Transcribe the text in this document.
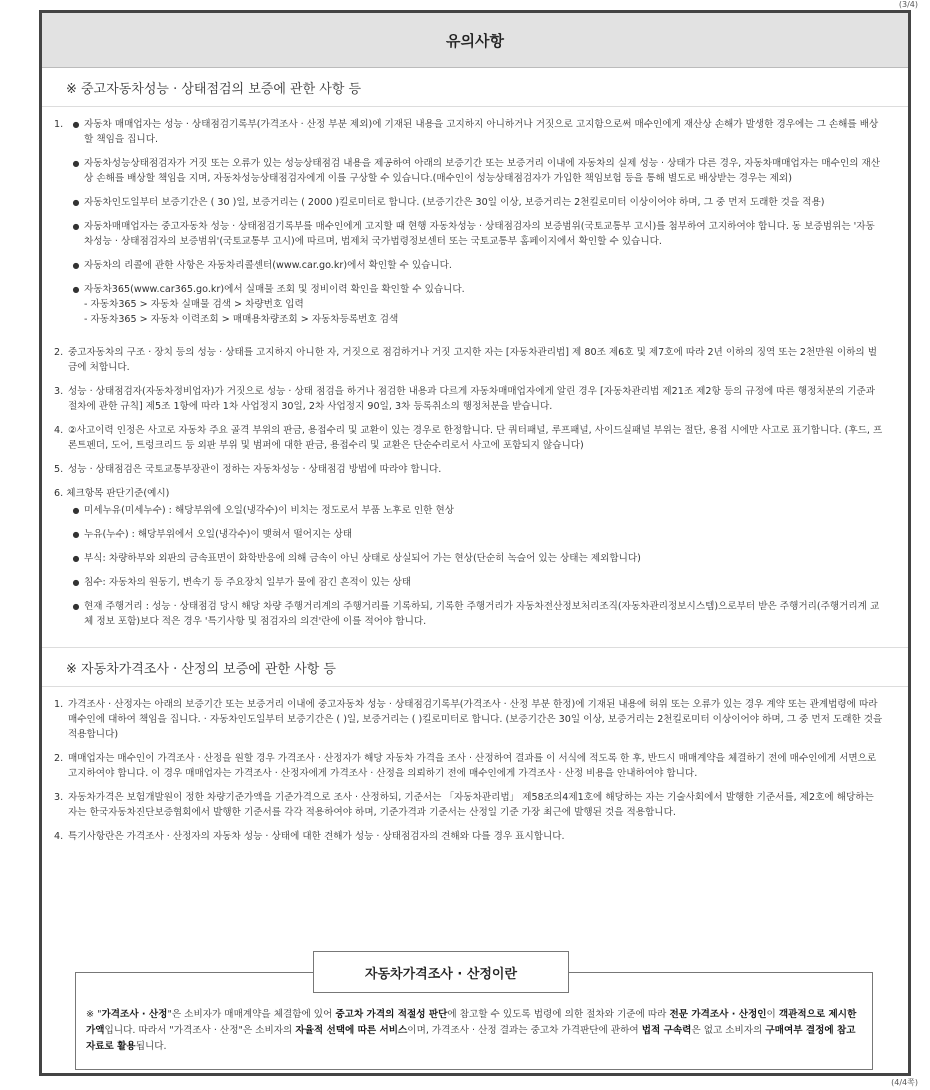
(3/4)
유의사항
※ 중고자동차성능 · 상태점검의 보증에 관한 사항 등
1.	● 자동차 매매업자는 성능 · 상태점검기록부(가격조사 · 산정 부분 제외)에 기재된 내용을 고지하지 아니하거나 거짓으로 고지함으로써 매수인에게 재산상 손해가 발생한 경우에는 그 손해를 배상할 책임을 집니다.
● 자동차성능상태점검자가 거짓 또는 오류가 있는 성능상태점검 내용을 제공하여 아래의 보증기간 또는 보증거리 이내에 자동차의 실제 성능 · 상태가 다른 경우, 자동차매매업자는 매수인의 재산상 손해를 배상할 책임을 지며, 자동차성능상태점검자에게 이를 구상할 수 있습니다.(매수인이 성능상태점검자가 가입한 책임보험 등을 통해 별도로 배상받는 경우는 제외)
● 자동차인도일부터 보증기간은 ( 30 )일, 보증거리는 ( 2000 )킬로미터로 합니다. (보증기간은 30일 이상, 보증거리는 2천킬로미터 이상이어야 하며, 그 중 먼저 도래한 것을 적용)
● 자동차매매업자는 중고자동차 성능 · 상태점검기록부를 매수인에게 고지할 때 현행 자동차성능 · 상태점검자의 보증범위(국토교통부 고시)를 첨부하여 고지하여야 합니다. 동 보증범위는 '자동차성능 · 상태점검자의 보증범위'(국토교통부 고시)에 따르며, 법제처 국가법령정보센터 또는 국토교통부 홈페이지에서 확인할 수 있습니다.
● 자동차의 리콜에 관한 사항은 자동차리콜센터(www.car.go.kr)에서 확인할 수 있습니다.
● 자동차365(www.car365.go.kr)에서 실매물 조회 및 정비이력 확인을 확인할 수 있습니다.
- 자동차365 > 자동차 실매물 검색 > 차량번호 입력
- 자동차365 > 자동차 이력조회 > 매매용차량조회 > 자동차등록번호 검색
2. 중고자동차의 구조 · 장치 등의 성능 · 상태를 고지하지 아니한 자, 거짓으로 점검하거나 거짓 고지한 자는 [자동차관리법] 제 80조 제6호 및 제7호에 따라 2년 이하의 징역 또는 2천만원 이하의 벌금에 처합니다.
3. 성능 · 상태점검자(자동차정비업자)가 거짓으로 성능 · 상태 점검을 하거나 점검한 내용과 다르게 자동차매매업자에게 알린 경우 [자동차관리법 제21조 제2항 등의 규정에 따른 행정처분의 기준과 절차에 관한 규칙] 제5조 1항에 따라 1차 사업정지 30일, 2차 사업정지 90일, 3차 등록취소의 행정처분을 받습니다.
4. ②사고이력 인정은 사고로 자동차 주요 골격 부위의 판금, 용접수리 및 교환이 있는 경우로 한정합니다. 단 쿼터패널, 루프패널, 사이드실패널 부위는 절단, 용접 시에만 사고로 표기합니다. (후드, 프론트펜더, 도어, 트렁크리드 등 외판 부위 및 범퍼에 대한 판금, 용접수리 및 교환은 단순수리로서 사고에 포함되지 않습니다)
5. 성능 · 상태점검은 국토교통부장관이 정하는 자동차성능 · 상태점검 방법에 따라야 합니다.
6. 체크항목 판단기준(예시)
● 미세누유(미세누수) : 해당부위에 오일(냉각수)이 비치는 정도로서 부품 노후로 인한 현상
● 누유(누수) : 해당부위에서 오일(냉각수)이 맺혀서 떨어지는 상태
● 부식: 차량하부와 외판의 금속표면이 화학반응에 의해 금속이 아닌 상태로 상실되어 가는 현상(단순히 녹슬어 있는 상태는 제외합니다)
● 침수: 자동차의 원동기, 변속기 등 주요장치 일부가 물에 잠긴 흔적이 있는 상태
● 현재 주행거리 : 성능 · 상태점검 당시 해당 차량 주행거리계의 주행거리를 기록하되, 기록한 주행거리가 자동차전산정보처리조직(자동차관리정보시스템)으로부터 받은 주행거리(주행거리계 교체 정보 포함)보다 적은 경우 '특기사항 및 점검자의 의견'란에 이를 적어야 합니다.
※ 자동차가격조사 · 산정의 보증에 관한 사항 등
1. 가격조사 · 산정자는 아래의 보증기간 또는 보증거리 이내에 중고자동차 성능 · 상태점검기록부(가격조사 · 산정 부분 한정)에 기재된 내용에 허위 또는 오류가 있는 경우 계약 또는 관계법령에 따라 매수인에 대하여 책임을 집니다. · 자동차인도일부터 보증기간은 ( )일, 보증거리는 ( )킬로미터로 합니다. (보증기간은 30일 이상, 보증거리는 2천킬로미터 이상이어야 하며, 그 중 먼저 도래한 것을 적용합니다)
2. 매매업자는 매수인이 가격조사 · 산정을 원할 경우 가격조사 · 산정자가 해당 자동차 가격을 조사 · 산정하여 결과를 이 서식에 적도록 한 후, 반드시 매매계약을 체결하기 전에 매수인에게 서면으로 고지하여야 합니다. 이 경우 매매업자는 가격조사 · 산정자에게 가격조사 · 산정을 의뢰하기 전에 매수인에게 가격조사 · 산정 비용을 안내하여야 합니다.
3. 자동차가격은 보험개발원이 정한 차량기준가액을 기준가격으로 조사 · 산정하되, 기준서는 「자동차관리법」 제58조의4제1호에 해당하는 자는 기술사회에서 발행한 기준서를, 제2호에 해당하는 자는 한국자동차진단보증협회에서 발행한 기준서를 각각 적용하여야 하며, 기준가격과 기준서는 산정일 기준 가장 최근에 발행된 것을 적용합니다.
4. 특기사항란은 가격조사 · 산정자의 자동차 성능 · 상태에 대한 견해가 성능 · 상태점검자의 견해와 다를 경우 표시합니다.
※ "가격조사 · 산정"은 소비자가 매매계약을 체결함에 있어 중고차 가격의 적절성 판단에 참고할 수 있도록 법령에 의한 절차와 기준에 따라 전문 가격조사 · 산정인이 객관적으로 제시한 가액입니다. 따라서 "가격조사 · 산정"은 소비자의 자율적 선택에 따른 서비스이며, 가격조사 · 산정 결과는 중고차 가격판단에 관하여 법적 구속력은 없고 소비자의 구매여부 결정에 참고자료로 활용됩니다.
자동차가격조사 · 산정이란
(4/4쪽)
